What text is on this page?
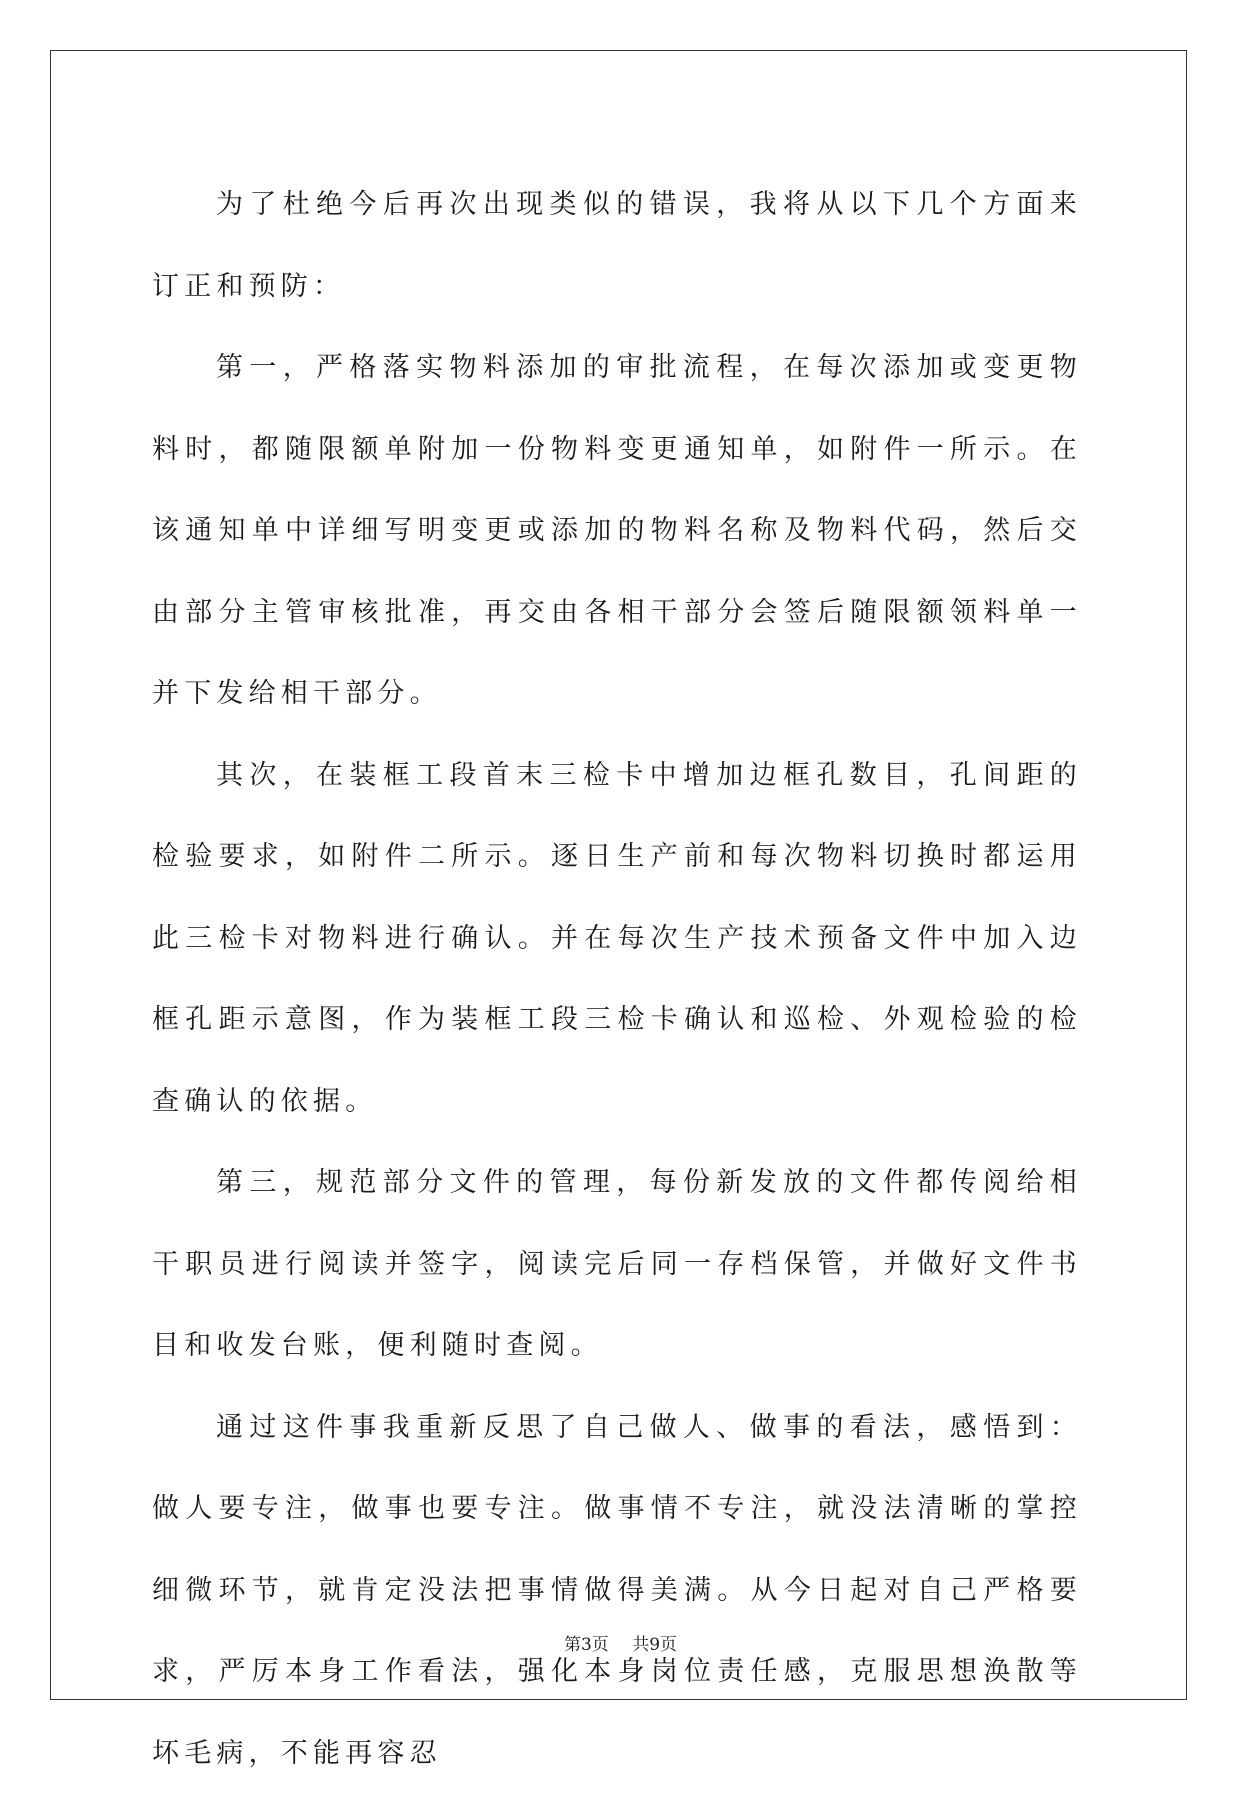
为了杜绝今后再次出现类似的错误，我将从以下几个方面来订正和预防：

第一，严格落实物料添加的审批流程，在每次添加或变更物料时，都随限额单附加一份物料变更通知单，如附件一所示。在该通知单中详细写明变更或添加的物料名称及物料代码，然后交由部分主管审核批准，再交由各相干部分会签后随限额领料单一并下发给相干部分。

其次，在装框工段首末三检卡中增加边框孔数目，孔间距的检验要求，如附件二所示。逐日生产前和每次物料切换时都运用此三检卡对物料进行确认。并在每次生产技术预备文件中加入边框孔距示意图，作为装框工段三检卡确认和巡检、外观检验的检查确认的依据。

第三，规范部分文件的管理，每份新发放的文件都传阅给相干职员进行阅读并签字，阅读完后同一存档保管，并做好文件书目和收发台账，便利随时查阅。

通过这件事我重新反思了自己做人、做事的看法，感悟到：做人要专注，做事也要专注。做事情不专注，就没法清晰的掌控细微环节，就肯定没法把事情做得美满。从今日起对自己严格要求，严厉本身工作看法，强化本身岗位责任感，克服思想涣散等坏毛病，不能再容忍

第3页 共9页
